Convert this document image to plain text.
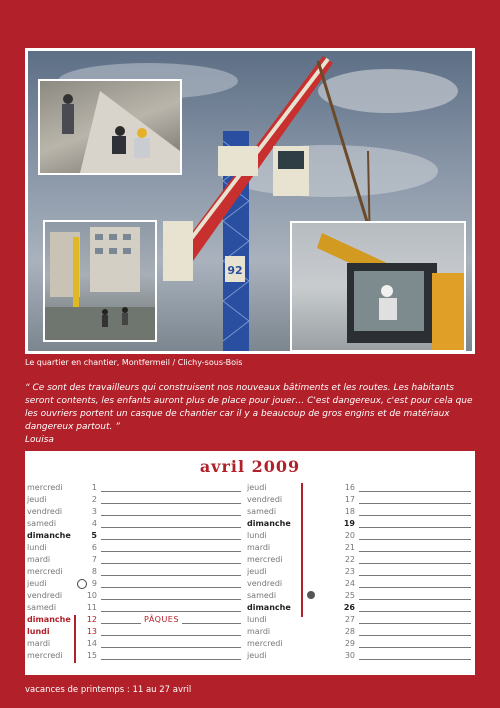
92
Le quartier en chantier, Montfermeil / Clichy-sous-Bois
“ Ce sont des travailleurs qui construisent nos nouveaux bâtiments et les routes. Les habitants seront contents, les enfants auront plus de place pour jouer… C'est dangereux, c'est pour cela que les ouvriers portent un casque de chantier car il y a beaucoup de gros engins et de matériaux dangereux partout. ”
Louisa
avril 2009
mercredi	1
jeudi	2
vendredi	3
samedi	4
dimanche	5
lundi	6
mardi	7
mercredi	8
jeudi	9
vendredi	10
samedi	11
dimanche	12	PÂQUES
lundi	13
mardi	14
mercredi	15
jeudi	16
vendredi	17
samedi	18
dimanche	19
lundi	20
mardi	21
mercredi	22
jeudi	23
vendredi	24
samedi	25
dimanche	26
lundi	27
mardi	28
mercredi	29
jeudi	30
vacances de printemps : 11 au 27 avril
